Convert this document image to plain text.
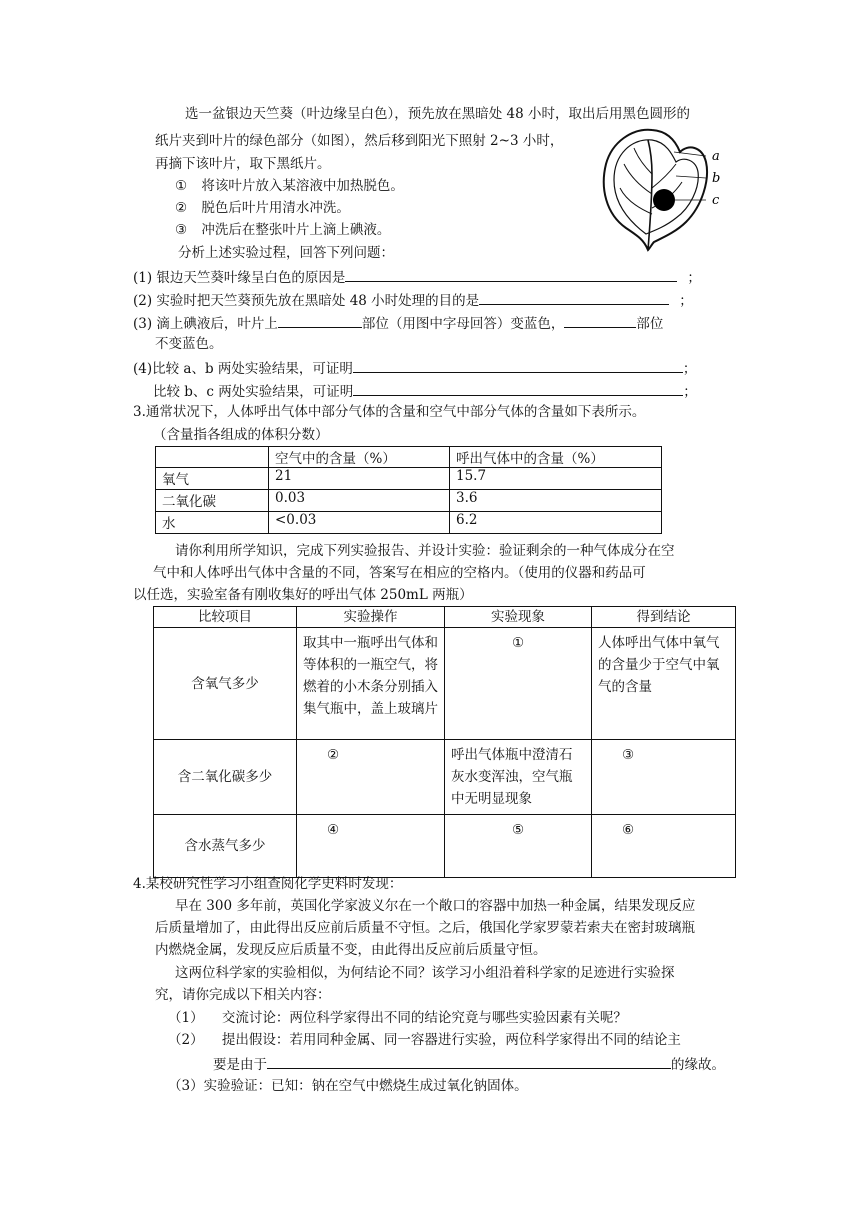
选一盆银边天竺葵（叶边缘呈白色），预先放在黑暗处 48 小时，取出后用黑色圆形的
纸片夹到叶片的绿色部分（如图），然后移到阳光下照射 2~3 小时，
再摘下该叶片，取下黑纸片。
① 将该叶片放入某溶液中加热脱色。
② 脱色后叶片用清水冲洗。
③ 冲洗后在整张叶片上滴上碘液。
分析上述实验过程，回答下列问题：
a
b
c
(1) 银边天竺葵叶缘呈白色的原因是	；
(2) 实验时把天竺葵预先放在黑暗处 48 小时处理的目的是	；
(3) 滴上碘液后，叶片上	部位（用图中字母回答）变蓝色，	部位
不变蓝色。
(4)比较 a、b 两处实验结果，可证明	；
比较 b、c 两处实验结果，可证明	；
3.通常状况下，人体呼出气体中部分气体的含量和空气中部分气体的含量如下表所示。
（含量指各组成的体积分数）
	空气中的含量（%）	呼出气体中的含量（%）
氧气	21	15.7
二氧化碳	0.03	3.6
水	<0.03	6.2
请你利用所学知识，完成下列实验报告、并设计实验：验证剩余的一种气体成分在空
气中和人体呼出气体中含量的不同，答案写在相应的空格内。（使用的仪器和药品可
以任选，实验室备有刚收集好的呼出气体 250mL 两瓶）
比较项目	实验操作	实验现象	得到结论
含氧气多少	取其中一瓶呼出气体和等体积的一瓶空气，将燃着的小木条分别插入集气瓶中，盖上玻璃片	①	人体呼出气体中氧气的含量少于空气中氧气的含量
含二氧化碳多少	②	呼出气体瓶中澄清石灰水变浑浊，空气瓶中无明显现象	③
含水蒸气多少	④	⑤	⑥
4.某校研究性学习小组查阅化学史料时发现：
早在 300 多年前，英国化学家波义尔在一个敞口的容器中加热一种金属，结果发现反应
后质量增加了，由此得出反应前后质量不守恒。之后，俄国化学家罗蒙若索夫在密封玻璃瓶
内燃烧金属，发现反应后质量不变，由此得出反应前后质量守恒。
这两位科学家的实验相似，为何结论不同？该学习小组沿着科学家的足迹进行实验探
究，请你完成以下相关内容：
（1） 交流讨论：两位科学家得出不同的结论究竟与哪些实验因素有关呢？
（2） 提出假设：若用同种金属、同一容器进行实验，两位科学家得出不同的结论主
要是由于	的缘故。
（3）实验验证：已知：钠在空气中燃烧生成过氧化钠固体。
